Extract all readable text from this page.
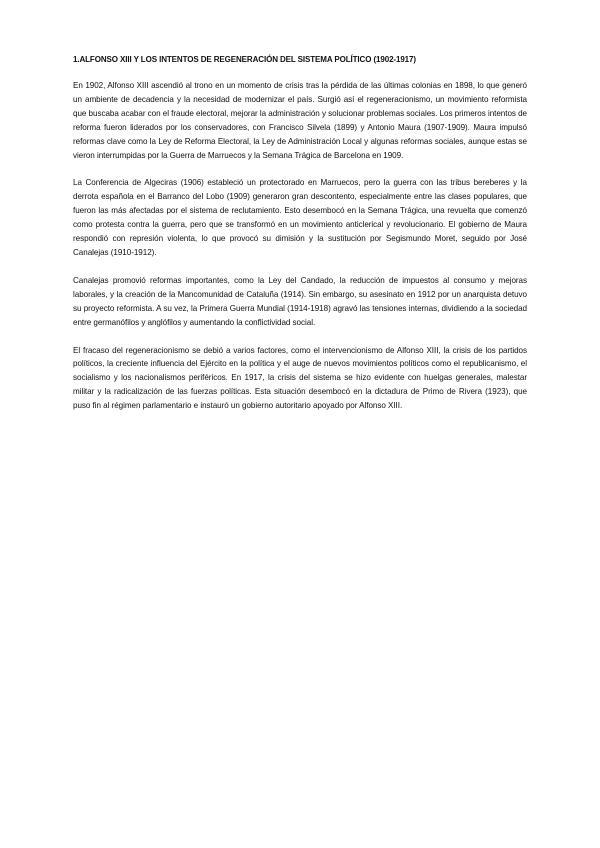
1.ALFONSO XIII Y LOS INTENTOS DE REGENERACIÓN DEL SISTEMA POLÍTICO (1902-1917)

En 1902, Alfonso XIII ascendió al trono en un momento de crisis tras la pérdida de las últimas colonias en 1898, lo que generó un ambiente de decadencia y la necesidad de modernizar el país. Surgió así el regeneracionismo, un movimiento reformista que buscaba acabar con el fraude electoral, mejorar la administración y solucionar problemas sociales. Los primeros intentos de reforma fueron liderados por los conservadores, con Francisco Silvela (1899) y Antonio Maura (1907-1909). Maura impulsó reformas clave como la Ley de Reforma Electoral, la Ley de Administración Local y algunas reformas sociales, aunque estas se vieron interrumpidas por la Guerra de Marruecos y la Semana Trágica de Barcelona en 1909.

La Conferencia de Algeciras (1906) estableció un protectorado en Marruecos, pero la guerra con las tribus bereberes y la derrota española en el Barranco del Lobo (1909) generaron gran descontento, especialmente entre las clases populares, que fueron las más afectadas por el sistema de reclutamiento. Esto desembocó en la Semana Trágica, una revuelta que comenzó como protesta contra la guerra, pero que se transformó en un movimiento anticlerical y revolucionario. El gobierno de Maura respondió con represión violenta, lo que provocó su dimisión y la sustitución por Segismundo Moret, seguido por José Canalejas (1910-1912).

Canalejas promovió reformas importantes, como la Ley del Candado, la reducción de impuestos al consumo y mejoras laborales, y la creación de la Mancomunidad de Cataluña (1914). Sin embargo, su asesinato en 1912 por un anarquista detuvo su proyecto reformista. A su vez, la Primera Guerra Mundial (1914-1918) agravó las tensiones internas, dividiendo a la sociedad entre germanófilos y anglófilos y aumentando la conflictividad social.

El fracaso del regeneracionismo se debió a varios factores, como el intervencionismo de Alfonso XIII, la crisis de los partidos políticos, la creciente influencia del Ejército en la política y el auge de nuevos movimientos políticos como el republicanismo, el socialismo y los nacionalismos periféricos. En 1917, la crisis del sistema se hizo evidente con huelgas generales, malestar militar y la radicalización de las fuerzas políticas. Esta situación desembocó en la dictadura de Primo de Rivera (1923), que puso fin al régimen parlamentario e instauró un gobierno autoritario apoyado por Alfonso XIII.
